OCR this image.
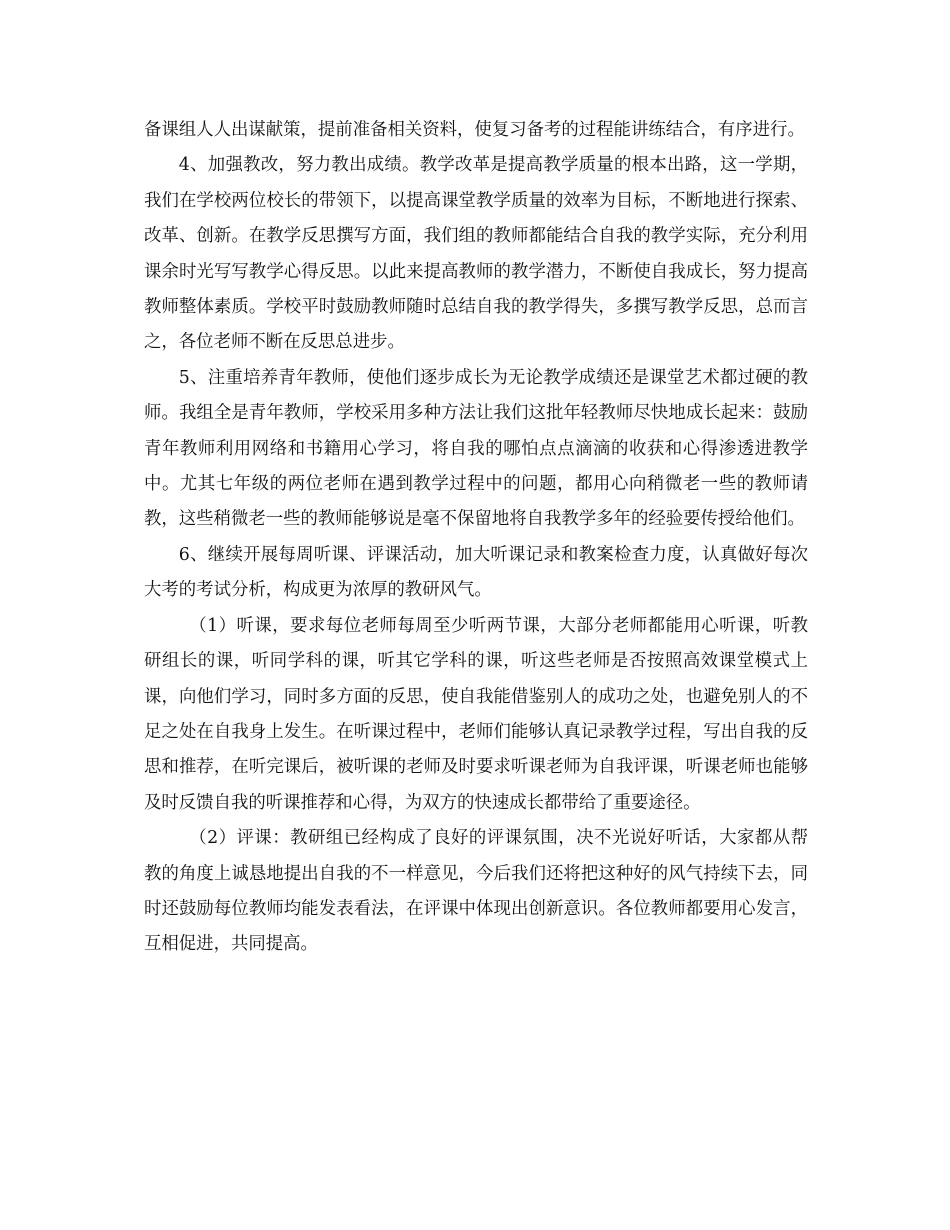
备课组人人出谋献策，提前准备相关资料，使复习备考的过程能讲练结合，有序进行。

4、加强教改，努力教出成绩。教学改革是提高教学质量的根本出路，这一学期，我们在学校两位校长的带领下，以提高课堂教学质量的效率为目标，不断地进行探索、改革、创新。在教学反思撰写方面，我们组的教师都能结合自我的教学实际，充分利用课余时光写写教学心得反思。以此来提高教师的教学潜力，不断使自我成长，努力提高教师整体素质。学校平时鼓励教师随时总结自我的教学得失，多撰写教学反思，总而言之，各位老师不断在反思总进步。

5、注重培养青年教师，使他们逐步成长为无论教学成绩还是课堂艺术都过硬的教师。我组全是青年教师，学校采用多种方法让我们这批年轻教师尽快地成长起来：鼓励青年教师利用网络和书籍用心学习，将自我的哪怕点点滴滴的收获和心得渗透进教学中。尤其七年级的两位老师在遇到教学过程中的问题，都用心向稍微老一些的教师请教，这些稍微老一些的教师能够说是毫不保留地将自我教学多年的经验要传授给他们。

6、继续开展每周听课、评课活动，加大听课记录和教案检查力度，认真做好每次大考的考试分析，构成更为浓厚的教研风气。

（1）听课，要求每位老师每周至少听两节课，大部分老师都能用心听课，听教研组长的课，听同学科的课，听其它学科的课，听这些老师是否按照高效课堂模式上课，向他们学习，同时多方面的反思，使自我能借鉴别人的成功之处，也避免别人的不足之处在自我身上发生。在听课过程中，老师们能够认真记录教学过程，写出自我的反思和推荐，在听完课后，被听课的老师及时要求听课老师为自我评课，听课老师也能够及时反馈自我的听课推荐和心得，为双方的快速成长都带给了重要途径。

（2）评课：教研组已经构成了良好的评课氛围，决不光说好听话，大家都从帮教的角度上诚恳地提出自我的不一样意见，今后我们还将把这种好的风气持续下去，同时还鼓励每位教师均能发表看法，在评课中体现出创新意识。各位教师都要用心发言，互相促进，共同提高。
